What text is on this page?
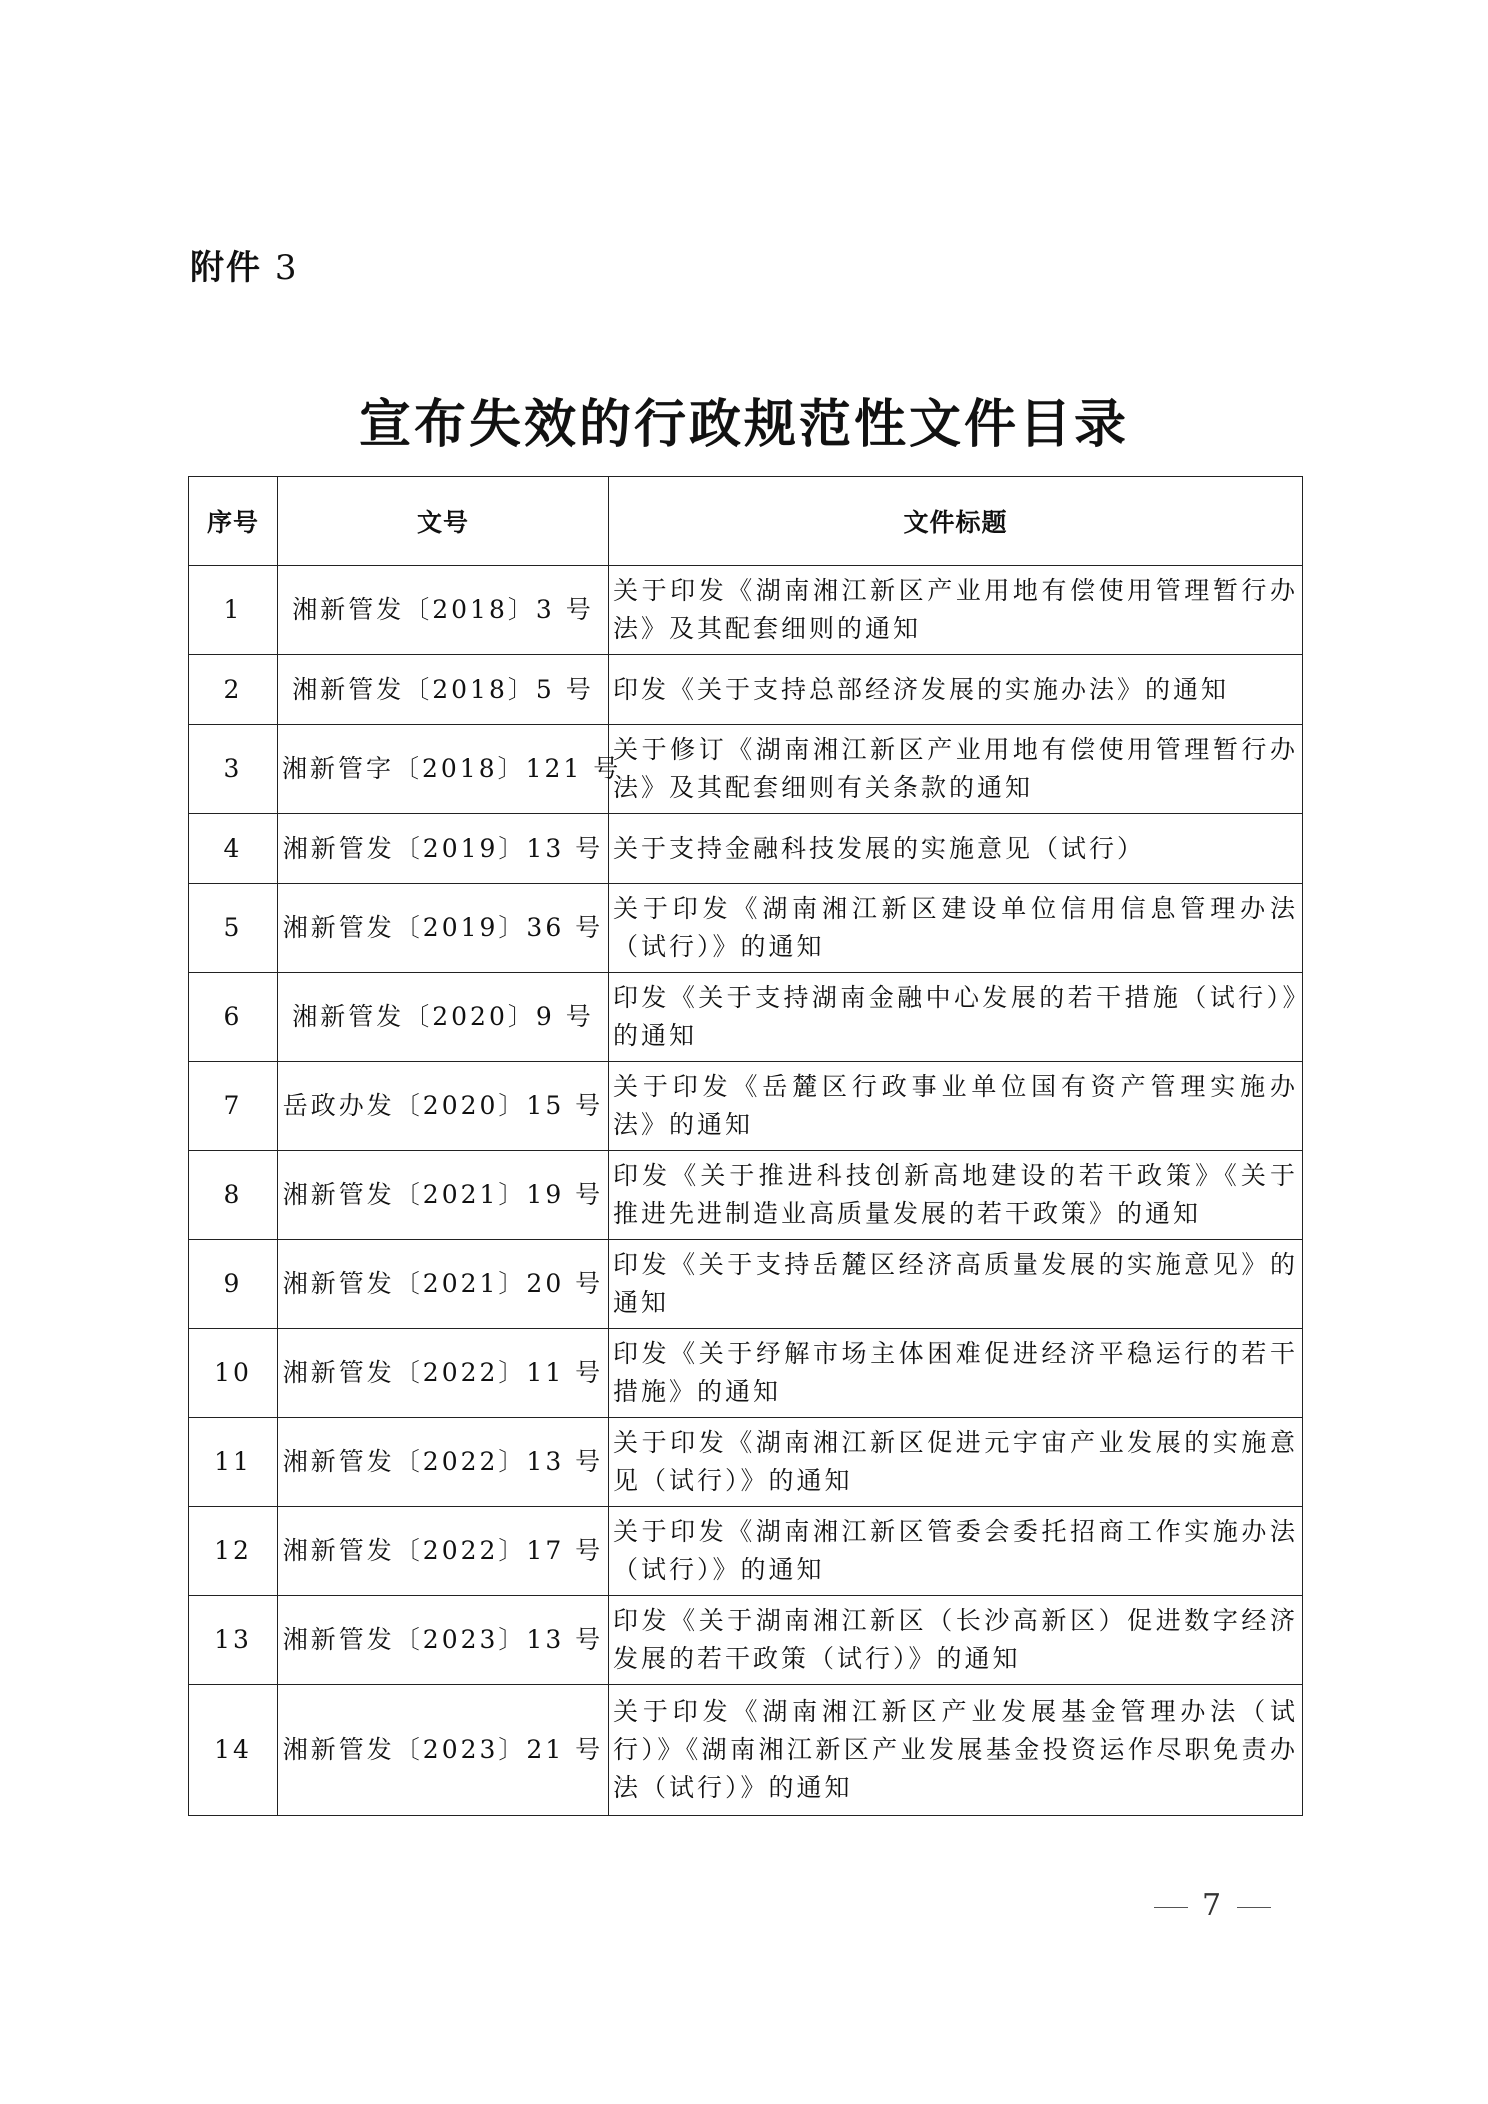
附件 3
宣布失效的行政规范性文件目录
序号	文号	文件标题
1	湘新管发〔2018〕3 号	关于印发《湖南湘江新区产业用地有偿使用管理暂行办法》及其配套细则的通知
2	湘新管发〔2018〕5 号	印发《关于支持总部经济发展的实施办法》的通知
3	湘新管字〔2018〕121 号	关于修订《湖南湘江新区产业用地有偿使用管理暂行办法》及其配套细则有关条款的通知
4	湘新管发〔2019〕13 号	关于支持金融科技发展的实施意见（试行）
5	湘新管发〔2019〕36 号	关于印发《湖南湘江新区建设单位信用信息管理办法（试行）》的通知
6	湘新管发〔2020〕9 号	印发《关于支持湖南金融中心发展的若干措施（试行）》的通知
7	岳政办发〔2020〕15 号	关于印发《岳麓区行政事业单位国有资产管理实施办法》的通知
8	湘新管发〔2021〕19 号	印发《关于推进科技创新高地建设的若干政策》《关于推进先进制造业高质量发展的若干政策》的通知
9	湘新管发〔2021〕20 号	印发《关于支持岳麓区经济高质量发展的实施意见》的通知
10	湘新管发〔2022〕11 号	印发《关于纾解市场主体困难促进经济平稳运行的若干措施》的通知
11	湘新管发〔2022〕13 号	关于印发《湖南湘江新区促进元宇宙产业发展的实施意见（试行）》的通知
12	湘新管发〔2022〕17 号	关于印发《湖南湘江新区管委会委托招商工作实施办法（试行）》的通知
13	湘新管发〔2023〕13 号	印发《关于湖南湘江新区（长沙高新区）促进数字经济发展的若干政策（试行）》的通知
14	湘新管发〔2023〕21 号	关于印发《湖南湘江新区产业发展基金管理办法（试行）》《湖南湘江新区产业发展基金投资运作尽职免责办法（试行）》的通知
7
